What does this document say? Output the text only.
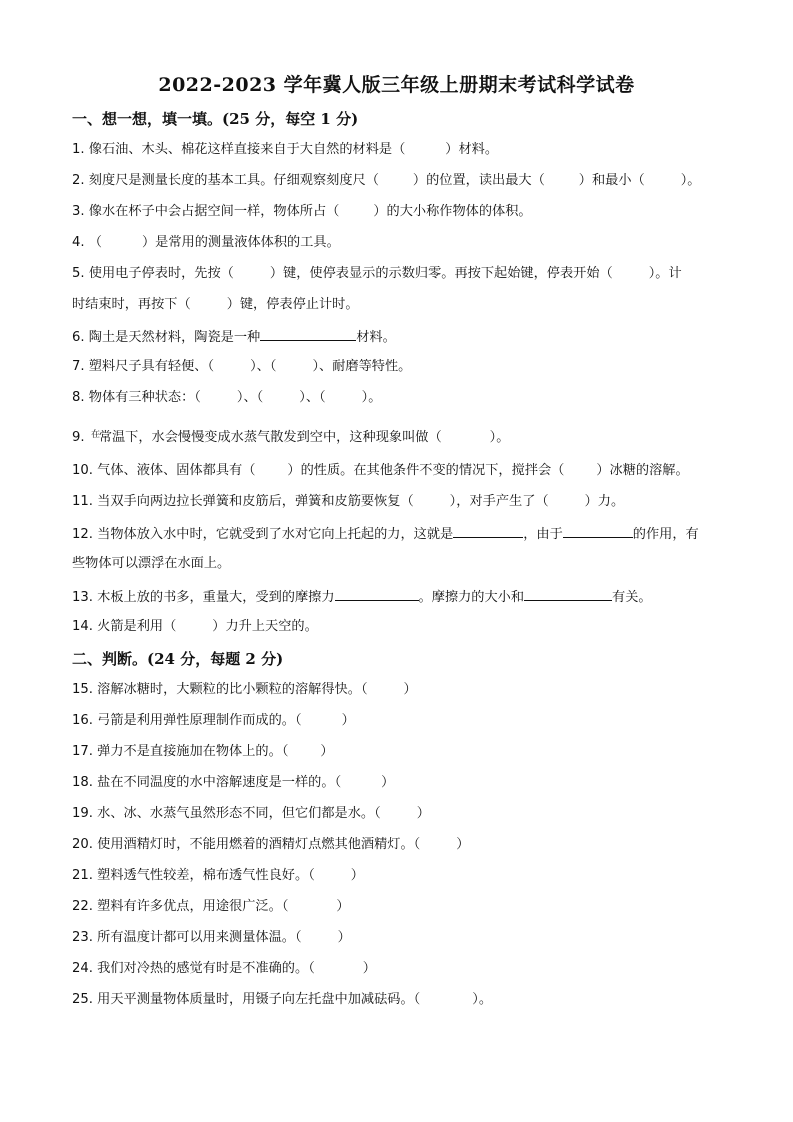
2022-2023 学年冀人版三年级上册期末考试科学试卷
一、想一想，填一填。(25 分，每空 1 分)
1. 像石油、木头、棉花这样直接来自于大自然的材料是（	）材料。
2. 刻度尺是测量长度的基本工具。仔细观察刻度尺（	）的位置，读出最大（	）和最小（	）。
3. 像水在杯子中会占据空间一样，物体所占（	）的大小称作物体的体积。
4. （	）是常用的测量液体体积的工具。
5. 使用电子停表时，先按（	）键，使停表显示的示数归零。再按下起始键，停表开始（	）。计
时结束时，再按下（	）键，停表停止计时。
6. 陶土是天然材料，陶瓷是一种	材料。
7. 塑料尺子具有轻便、（	）、（	）、耐磨等特性。
8. 物体有三种状态：（	）、（	）、（	）。
在
9. 常温下，水会慢慢变成水蒸气散发到空中，这种现象叫做（	）。
10. 气体、液体、固体都具有（ ）的性质。在其他条件不变的情况下，搅拌会（ ）冰糖的溶解。
11. 当双手向两边拉长弹簧和皮筋后，弹簧和皮筋要恢复（	），对手产生了（	）力。
12. 当物体放入水中时，它就受到了水对它向上托起的力，这就是	，由于	的作用，有
些物体可以漂浮在水面上。
13. 木板上放的书多，重量大，受到的摩擦力	。摩擦力的大小和	有关。
14. 火箭是利用（	）力升上天空的。
二、判断。(24 分，每题 2 分)
15. 溶解冰糖时，大颗粒的比小颗粒的溶解得快。（	）
16. 弓箭是利用弹性原理制作而成的。（	）
17. 弹力不是直接施加在物体上的。（ ）
18. 盐在不同温度的水中溶解速度是一样的。（	）
19. 水、冰、水蒸气虽然形态不同，但它们都是水。（	）
20. 使用酒精灯时，不能用燃着的酒精灯点燃其他酒精灯。（	）
21. 塑料透气性较差，棉布透气性良好。（	）
22. 塑料有许多优点，用途很广泛。（	）
23. 所有温度计都可以用来测量体温。（	）
24. 我们对冷热的感觉有时是不准确的。（	）
25. 用天平测量物体质量时，用镊子向左托盘中加减砝码。（	）。
